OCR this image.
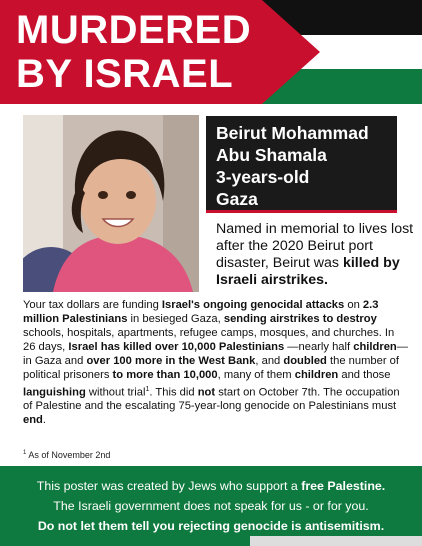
MURDERED
BY ISRAEL
Beirut Mohammad
Abu Shamala
3-years-old
Gaza

Named in memorial to lives lost after the 2020 Beirut port disaster, Beirut was killed by Israeli airstrikes.

Your tax dollars are funding Israel's ongoing genocidal attacks on 2.3 million Palestinians in besieged Gaza, sending airstrikes to destroy schools, hospitals, apartments, refugee camps, mosques, and churches. In 26 days, Israel has killed over 10,000 Palestinians —nearly half children— in Gaza and over 100 more in the West Bank, and doubled the number of political prisoners to more than 10,000, many of them children and those languishing without trial$^1$. This did not start on October 7th. The occupation of Palestine and the escalating 75-year-long genocide on Palestinians must end.

$^1$ As of November 2nd

This poster was created by Jews who support a free Palestine.

The Israeli government does not speak for us - or for you.

Do not let them tell you rejecting genocide is antisemitism.
